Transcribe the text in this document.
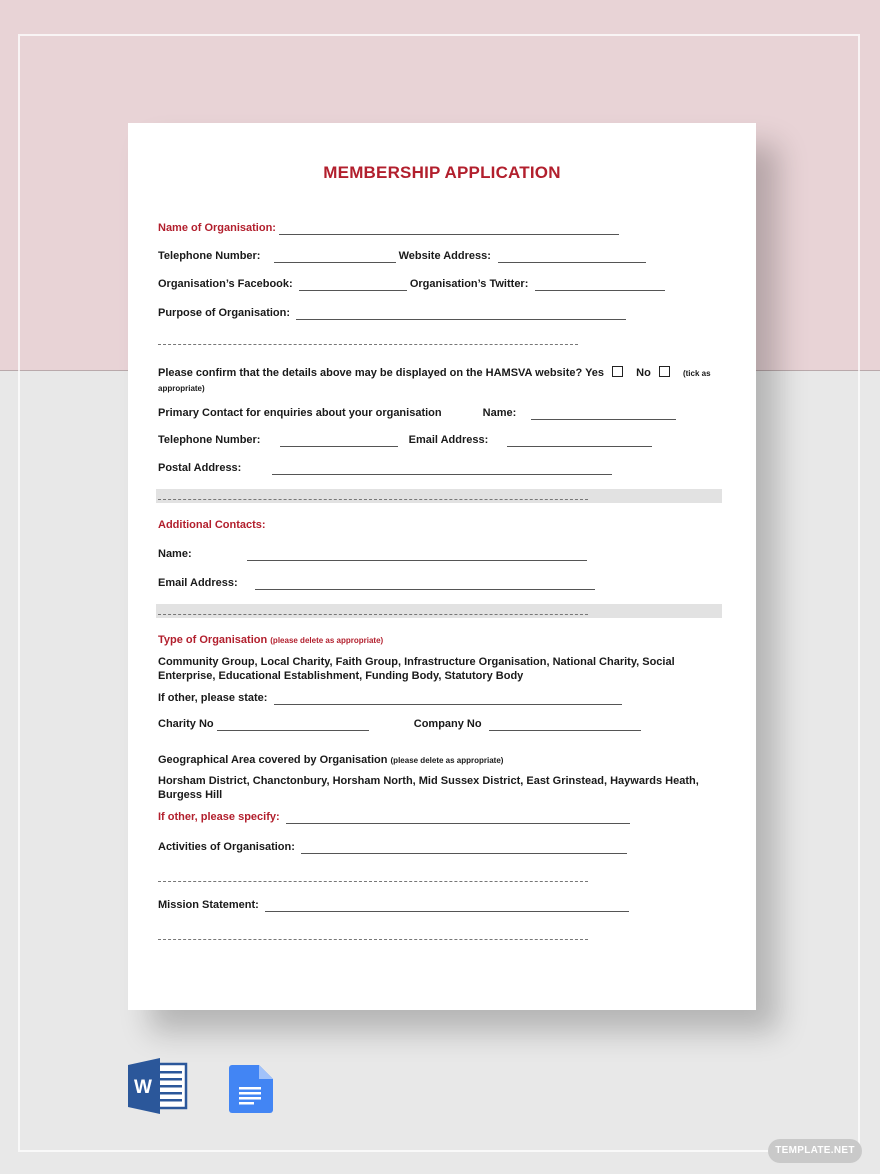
MEMBERSHIP APPLICATION
Name of Organisation:
Telephone Number:	Website Address:
Organisation’s Facebook:	Organisation’s Twitter:
Purpose of Organisation:
Please confirm that the details above may be displayed on the HAMSVA website? Yes	No	(tick as
appropriate)
Primary Contact for enquiries about your organisation	Name:
Telephone Number:	Email Address:
Postal Address:
Additional Contacts:
Name:
Email Address:
Type of Organisation (please delete as appropriate)
Community Group, Local Charity, Faith Group, Infrastructure Organisation, National Charity, Social Enterprise, Educational Establishment, Funding Body, Statutory Body
If other, please state:
Charity No	Company No
Geographical Area covered by Organisation (please delete as appropriate)
Horsham District, Chanctonbury, Horsham North, Mid Sussex District, East Grinstead, Haywards Heath, Burgess Hill
If other, please specify:
Activities of Organisation:
Mission Statement:
W
TEMPLATE.NET
